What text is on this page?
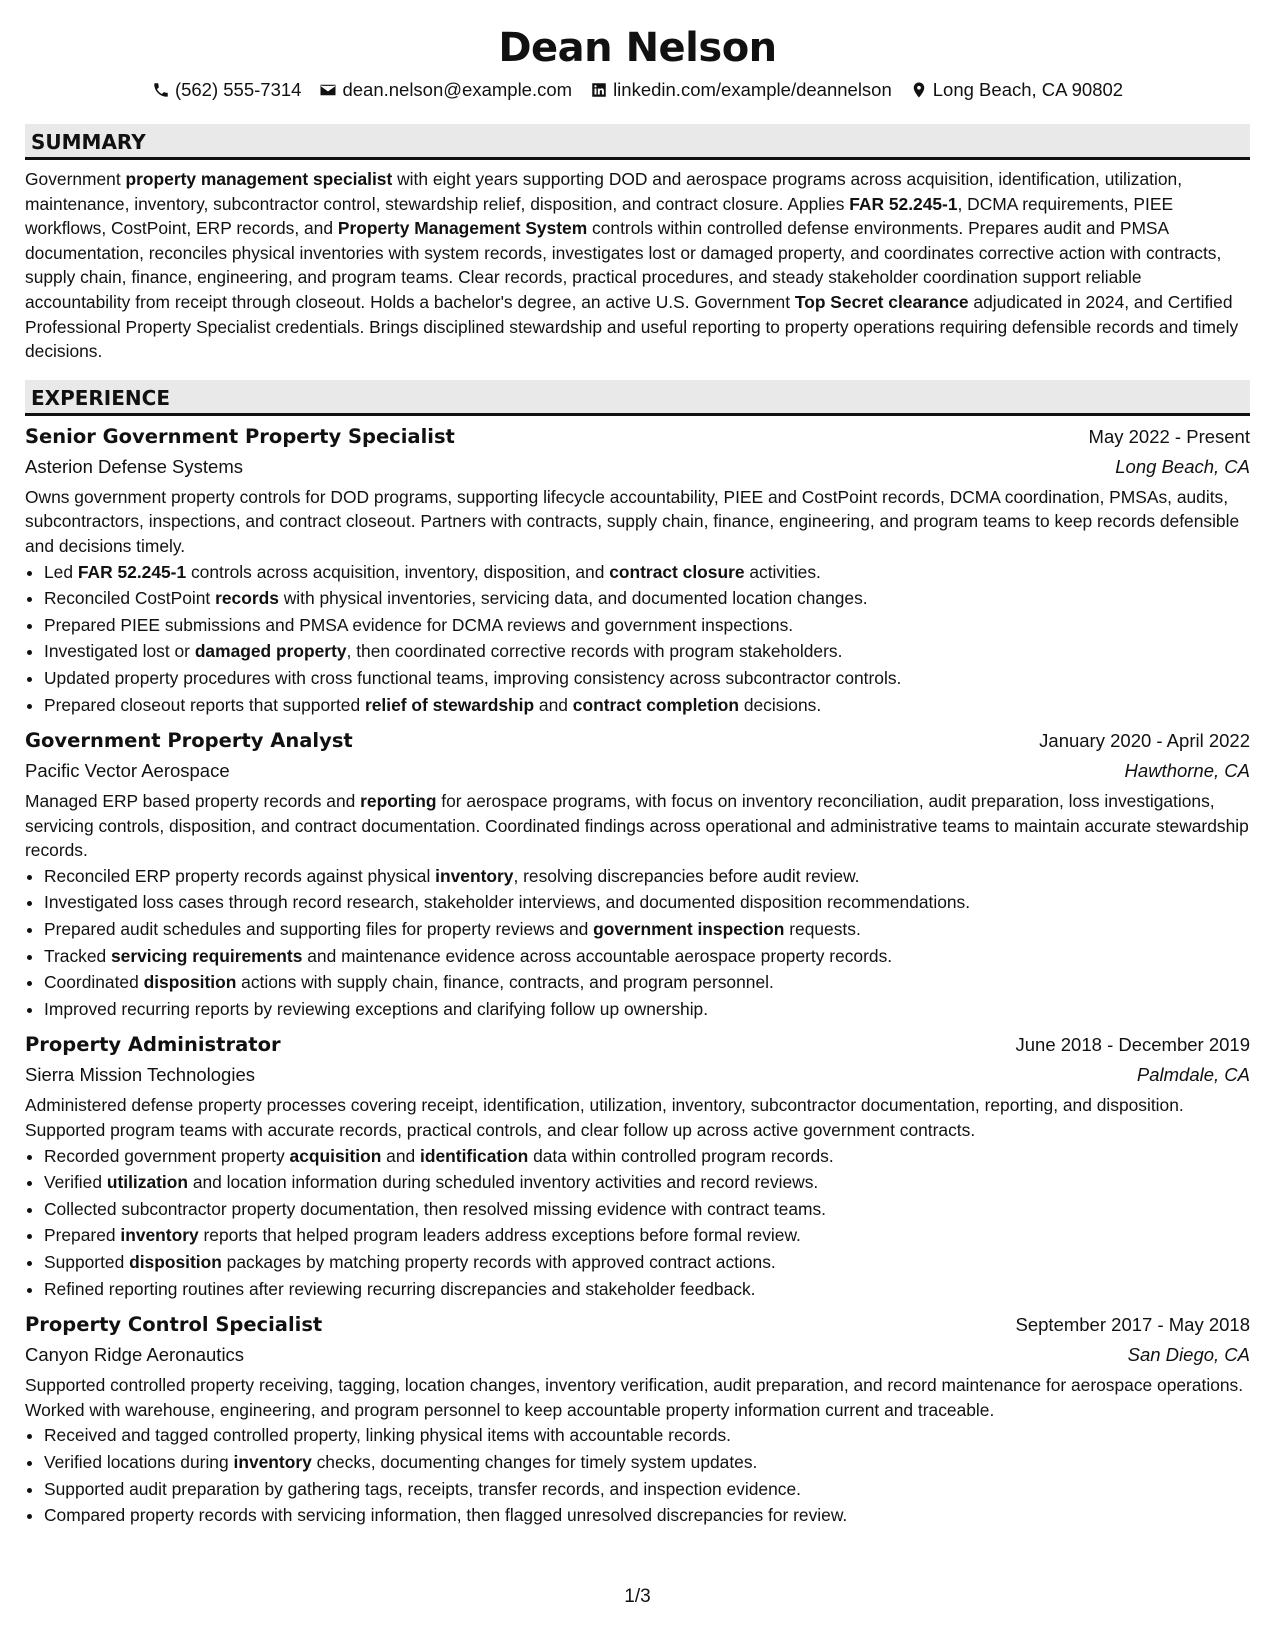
Dean Nelson
(562) 555-7314 dean.nelson@example.com linkedin.com/example/deannelson Long Beach, CA 90802
SUMMARY
Government property management specialist with eight years supporting DOD and aerospace programs across acquisition, identification, utilization, maintenance, inventory, subcontractor control, stewardship relief, disposition, and contract closure. Applies FAR 52.245-1, DCMA requirements, PIEE workflows, CostPoint, ERP records, and Property Management System controls within controlled defense environments. Prepares audit and PMSA documentation, reconciles physical inventories with system records, investigates lost or damaged property, and coordinates corrective action with contracts, supply chain, finance, engineering, and program teams. Clear records, practical procedures, and steady stakeholder coordination support reliable accountability from receipt through closeout. Holds a bachelor's degree, an active U.S. Government Top Secret clearance adjudicated in 2024, and Certified Professional Property Specialist credentials. Brings disciplined stewardship and useful reporting to property operations requiring defensible records and timely decisions.
EXPERIENCE
Senior Government Property Specialist	May 2022 - Present
Asterion Defense Systems	Long Beach, CA
Owns government property controls for DOD programs, supporting lifecycle accountability, PIEE and CostPoint records, DCMA coordination, PMSAs, audits, subcontractors, inspections, and contract closeout. Partners with contracts, supply chain, finance, engineering, and program teams to keep records defensible and decisions timely.
• Led FAR 52.245-1 controls across acquisition, inventory, disposition, and contract closure activities.
• Reconciled CostPoint records with physical inventories, servicing data, and documented location changes.
• Prepared PIEE submissions and PMSA evidence for DCMA reviews and government inspections.
• Investigated lost or damaged property, then coordinated corrective records with program stakeholders.
• Updated property procedures with cross functional teams, improving consistency across subcontractor controls.
• Prepared closeout reports that supported relief of stewardship and contract completion decisions.
Government Property Analyst	January 2020 - April 2022
Pacific Vector Aerospace	Hawthorne, CA
Managed ERP based property records and reporting for aerospace programs, with focus on inventory reconciliation, audit preparation, loss investigations, servicing controls, disposition, and contract documentation. Coordinated findings across operational and administrative teams to maintain accurate stewardship records.
• Reconciled ERP property records against physical inventory, resolving discrepancies before audit review.
• Investigated loss cases through record research, stakeholder interviews, and documented disposition recommendations.
• Prepared audit schedules and supporting files for property reviews and government inspection requests.
• Tracked servicing requirements and maintenance evidence across accountable aerospace property records.
• Coordinated disposition actions with supply chain, finance, contracts, and program personnel.
• Improved recurring reports by reviewing exceptions and clarifying follow up ownership.
Property Administrator	June 2018 - December 2019
Sierra Mission Technologies	Palmdale, CA
Administered defense property processes covering receipt, identification, utilization, inventory, subcontractor documentation, reporting, and disposition. Supported program teams with accurate records, practical controls, and clear follow up across active government contracts.
• Recorded government property acquisition and identification data within controlled program records.
• Verified utilization and location information during scheduled inventory activities and record reviews.
• Collected subcontractor property documentation, then resolved missing evidence with contract teams.
• Prepared inventory reports that helped program leaders address exceptions before formal review.
• Supported disposition packages by matching property records with approved contract actions.
• Refined reporting routines after reviewing recurring discrepancies and stakeholder feedback.
Property Control Specialist	September 2017 - May 2018
Canyon Ridge Aeronautics	San Diego, CA
Supported controlled property receiving, tagging, location changes, inventory verification, audit preparation, and record maintenance for aerospace operations. Worked with warehouse, engineering, and program personnel to keep accountable property information current and traceable.
• Received and tagged controlled property, linking physical items with accountable records.
• Verified locations during inventory checks, documenting changes for timely system updates.
• Supported audit preparation by gathering tags, receipts, transfer records, and inspection evidence.
• Compared property records with servicing information, then flagged unresolved discrepancies for review.
1/3
